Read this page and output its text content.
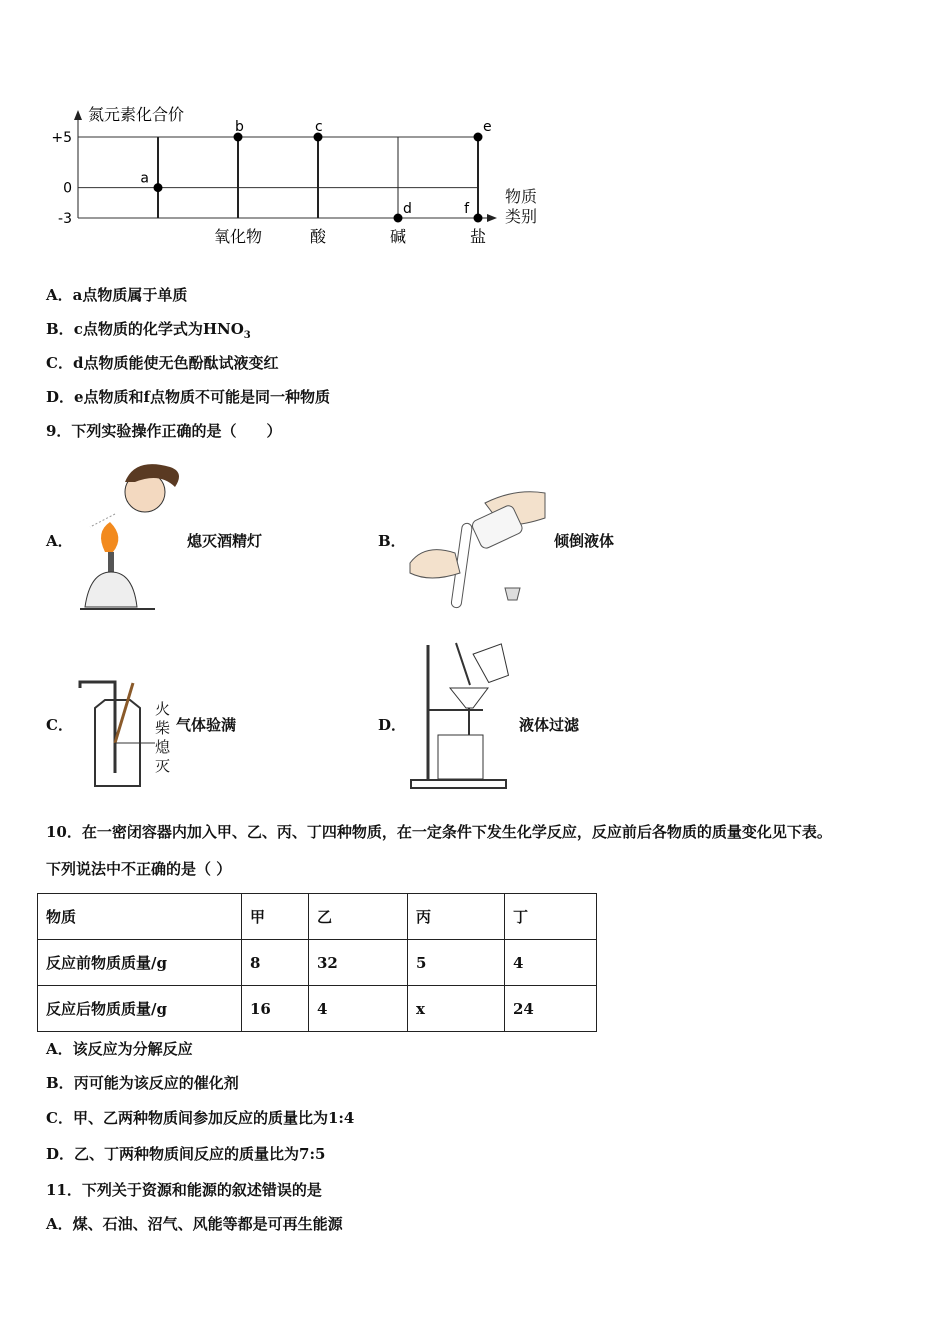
氮元素化合价
+5
0
-3
氧化物	酸	碱	盐
a
b	c
d
e
f
物质类别
A．a点物质属于单质
B．c点物质的化学式为$HNO_3$
C．d点物质能使无色酚酞试液变红
D．e点物质和f点物质不可能是同一种物质
9．下列实验操作正确的是（　　）
A．	熄灭酒精灯	B．	倾倒液体
C．
火柴熄灭
气体验满	D．	液体过滤
10．在一密闭容器内加入甲、乙、丙、丁四种物质，在一定条件下发生化学反应，反应前后各物质的质量变化见下表。
下列说法中不正确的是（ ）
物质	甲	乙	丙	丁
反应前物质质量/g	8	32	5	4
反应后物质质量/g	16	4	x	24
A．该反应为分解反应
B．丙可能为该反应的催化剂
C．甲、乙两种物质间参加反应的质量比为1:4
D．乙、丁两种物质间反应的质量比为7:5
11．下列关于资源和能源的叙述错误的是
A．煤、石油、沼气、风能等都是可再生能源
